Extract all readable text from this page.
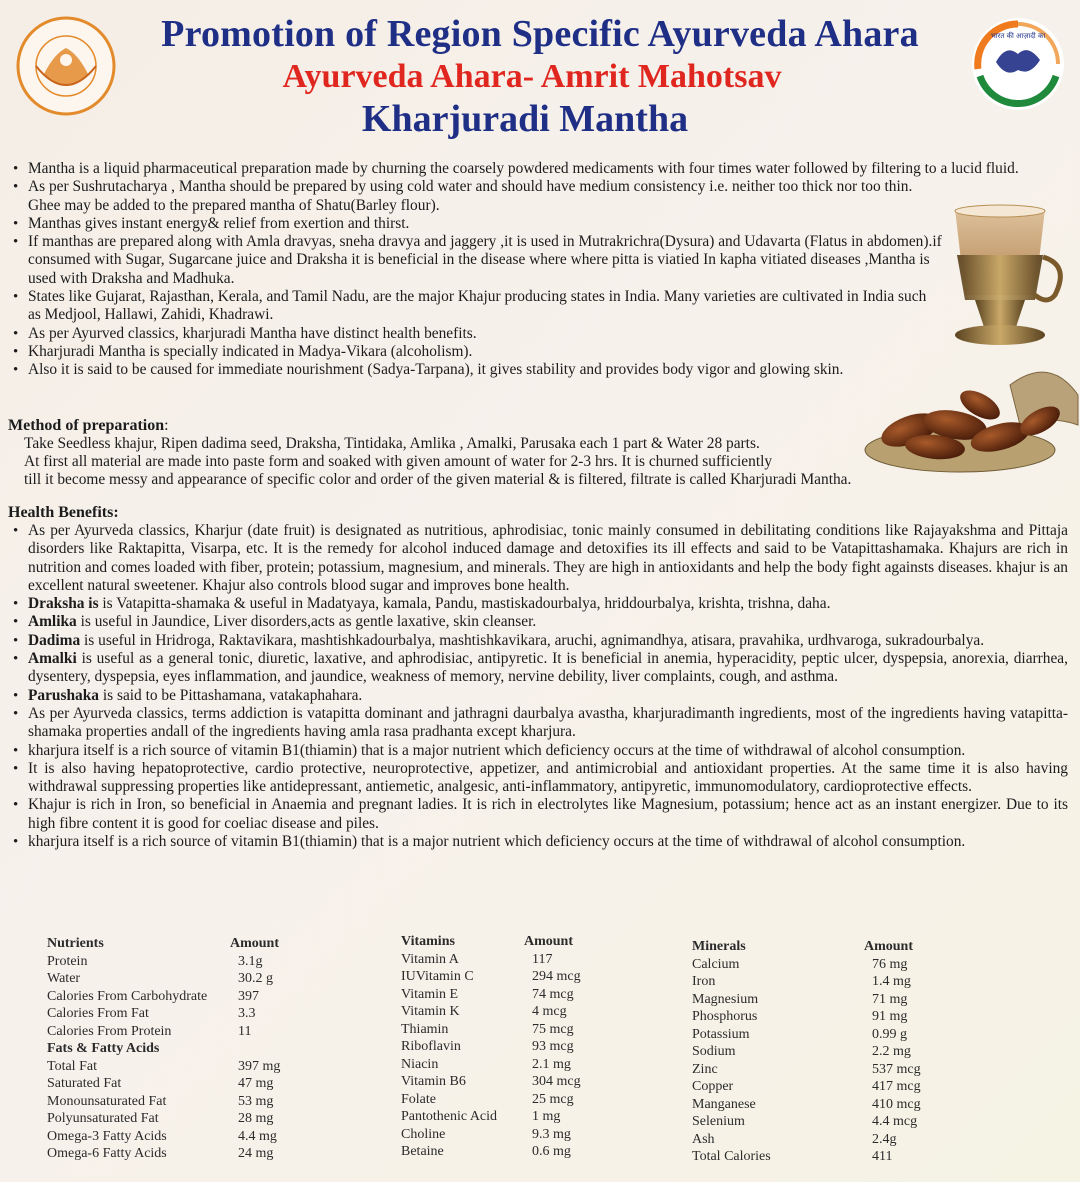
भारत की आज़ादी का
Promotion of Region Specific Ayurveda Ahara
Ayurveda Ahara- Amrit Mahotsav
Kharjuradi Mantha
• Mantha is a liquid pharmaceutical preparation made by churning the coarsely powdered medicaments with four times water followed by filtering to a lucid fluid.
• As per Sushrutacharya , Mantha should be prepared by using cold water and should have medium consistency i.e. neither too thick nor too thin. Ghee may be added to the prepared mantha of Shatu(Barley flour).
• Manthas gives instant energy& relief from exertion and thirst.
• If manthas are prepared along with Amla dravyas, sneha dravya and jaggery ,it is used in Mutrakrichra(Dysura) and Udavarta (Flatus in abdomen).if consumed with Sugar, Sugarcane juice and Draksha it is beneficial in the disease where where pitta is viatied In kapha vitiated diseases ,Mantha is used with Draksha and Madhuka.
• States like Gujarat, Rajasthan, Kerala, and Tamil Nadu, are the major Khajur producing states in India. Many varieties are cultivated in India such as Medjool, Hallawi, Zahidi, Khadrawi.
• As per Ayurved classics, kharjuradi Mantha have distinct health benefits.
• Kharjuradi Mantha is specially indicated in Madya-Vikara (alcoholism).
• Also it is said to be caused for immediate nourishment (Sadya-Tarpana), it gives stability and provides body vigor and glowing skin.
Method of preparation:
Take Seedless khajur, Ripen dadima seed, Draksha, Tintidaka, Amlika , Amalki, Parusaka each 1 part & Water 28 parts.
At first all material are made into paste form and soaked with given amount of water for 2-3 hrs. It is churned sufficiently
till it become messy and appearance of specific color and order of the given material & is filtered, filtrate is called Kharjuradi Mantha.
Health Benefits:
• As per Ayurveda classics, Kharjur (date fruit) is designated as nutritious, aphrodisiac, tonic mainly consumed in debilitating conditions like Rajayakshma and Pittaja disorders like Raktapitta, Visarpa, etc. It is the remedy for alcohol induced damage and detoxifies its ill effects and said to be Vatapittashamaka. Khajurs are rich in nutrition and comes loaded with fiber, protein; potassium, magnesium, and minerals. They are high in antioxidants and help the body fight againsts diseases. khajur is an excellent natural sweetener. Khajur also controls blood sugar and improves bone health.
• Draksha is is Vatapitta-shamaka & useful in Madatyaya, kamala, Pandu, mastiskadourbalya, hriddourbalya, krishta, trishna, daha.
• Amlika is useful in Jaundice, Liver disorders,acts as gentle laxative, skin cleanser.
• Dadima is useful in Hridroga, Raktavikara, mashtishkadourbalya, mashtishkavikara, aruchi, agnimandhya, atisara, pravahika, urdhvaroga, sukradourbalya.
• Amalki is useful as a general tonic, diuretic, laxative, and aphrodisiac, antipyretic. It is beneficial in anemia, hyperacidity, peptic ulcer, dyspepsia, anorexia, diarrhea, dysentery, dyspepsia, eyes inflammation, and jaundice, weakness of memory, nervine debility, liver complaints, cough, and asthma.
• Parushaka is said to be Pittashamana, vatakaphahara.
• As per Ayurveda classics, terms addiction is vatapitta dominant and jathragni daurbalya avastha, kharjuradimanth ingredients, most of the ingredients having vatapitta-shamaka properties andall of the ingredients having amla rasa pradhanta except kharjura.
• kharjura itself is a rich source of vitamin B1(thiamin) that is a major nutrient which deficiency occurs at the time of withdrawal of alcohol consumption.
• It is also having hepatoprotective, cardio protective, neuroprotective, appetizer, and antimicrobial and antioxidant properties. At the same time it is also having withdrawal suppressing properties like antidepressant, antiemetic, analgesic, anti-inflammatory, antipyretic, immunomodulatory, cardioprotective effects.
• Khajur is rich in Iron, so beneficial in Anaemia and pregnant ladies. It is rich in electrolytes like Magnesium, potassium; hence act as an instant energizer. Due to its high fibre content it is good for coeliac disease and piles.
• kharjura itself is a rich source of vitamin B1(thiamin) that is a major nutrient which deficiency occurs at the time of withdrawal of alcohol consumption.
Nutrients	Amount
Protein	3.1g
Water	30.2 g
Calories From Carbohydrate	397
Calories From Fat	3.3
Calories From Protein	11
Fats & Fatty Acids
Total Fat	397 mg
Saturated Fat	47 mg
Monounsaturated Fat	53 mg
Polyunsaturated Fat	28 mg
Omega-3 Fatty Acids	4.4 mg
Omega-6 Fatty Acids	24 mg
Vitamins	Amount
Vitamin A	117
IUVitamin C	294 mcg
Vitamin E	74 mcg
Vitamin K	4 mcg
Thiamin	75 mcg
Riboflavin	93 mcg
Niacin	2.1 mg
Vitamin B6	304 mcg
Folate	25 mcg
Pantothenic Acid	1 mg
Choline	9.3 mg
Betaine	0.6 mg
Minerals	Amount
Calcium	76 mg
Iron	1.4 mg
Magnesium	71 mg
Phosphorus	91 mg
Potassium	0.99 g
Sodium	2.2 mg
Zinc	537 mcg
Copper	417 mcg
Manganese	410 mcg
Selenium	4.4 mcg
Ash	2.4g
Total Calories	411
